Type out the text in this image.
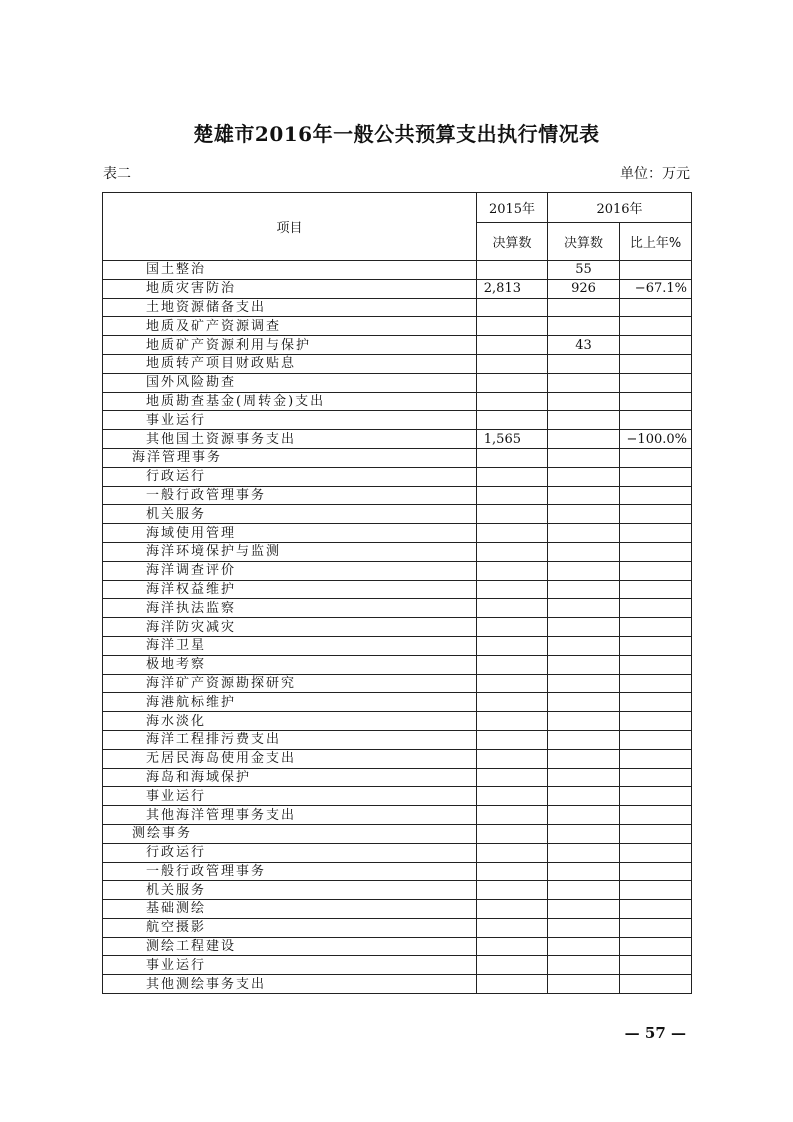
楚雄市2016年一般公共预算支出执行情况表
表二	单位：万元
项目	2015年	2016年	
	决算数	决算数	比上年%
国土整治		55	
地质灾害防治	2,813	926	−67.1%
土地资源储备支出			
地质及矿产资源调查			
地质矿产资源利用与保护		43	
地质转产项目财政贴息			
国外风险勘查			
地质勘查基金(周转金)支出			
事业运行			
其他国土资源事务支出	1,565		−100.0%
海洋管理事务			
行政运行			
一般行政管理事务			
机关服务			
海域使用管理			
海洋环境保护与监测			
海洋调查评价			
海洋权益维护			
海洋执法监察			
海洋防灾减灾			
海洋卫星			
极地考察			
海洋矿产资源勘探研究			
海港航标维护			
海水淡化			
海洋工程排污费支出			
无居民海岛使用金支出			
海岛和海域保护			
事业运行			
其他海洋管理事务支出			
测绘事务			
行政运行			
一般行政管理事务			
机关服务			
基础测绘			
航空摄影			
测绘工程建设			
事业运行			
其他测绘事务支出			
— 57 —
